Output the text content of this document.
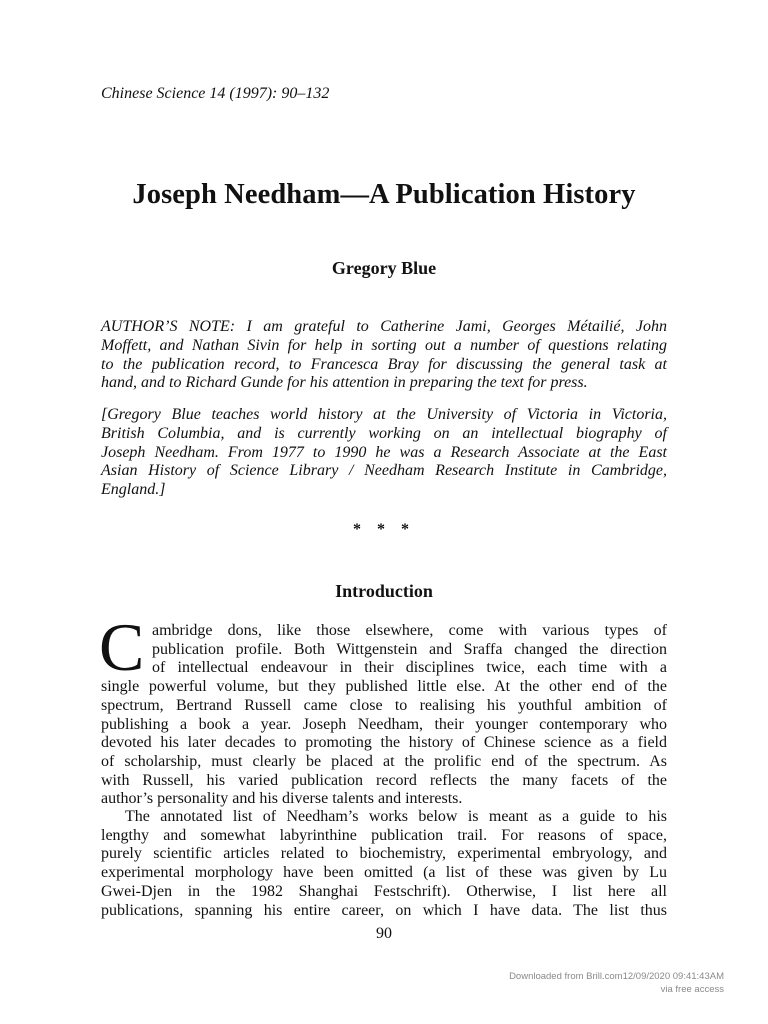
Chinese Science 14 (1997): 90–132
Joseph Needham—A Publication History
Gregory Blue
AUTHOR’S NOTE: I am grateful to Catherine Jami, Georges Métailié, John
Moffett, and Nathan Sivin for help in sorting out a number of questions relating
to the publication record, to Francesca Bray for discussing the general task at
hand, and to Richard Gunde for his attention in preparing the text for press.
[Gregory Blue teaches world history at the University of Victoria in Victoria,
British Columbia, and is currently working on an intellectual biography of
Joseph Needham. From 1977 to 1990 he was a Research Associate at the East
Asian History of Science Library / Needham Research Institute in Cambridge,
England.]
* * *
Introduction
C ambridge dons, like those elsewhere, come with various types of
publication profile. Both Wittgenstein and Sraffa changed the direction
of intellectual endeavour in their disciplines twice, each time with a
single powerful volume, but they published little else. At the other end of the
spectrum, Bertrand Russell came close to realising his youthful ambition of
publishing a book a year. Joseph Needham, their younger contemporary who
devoted his later decades to promoting the history of Chinese science as a field
of scholarship, must clearly be placed at the prolific end of the spectrum. As
with Russell, his varied publication record reflects the many facets of the
author’s personality and his diverse talents and interests.
The annotated list of Needham’s works below is meant as a guide to his
lengthy and somewhat labyrinthine publication trail. For reasons of space,
purely scientific articles related to biochemistry, experimental embryology, and
experimental morphology have been omitted (a list of these was given by Lu
Gwei-Djen in the 1982 Shanghai Festschrift). Otherwise, I list here all
publications, spanning his entire career, on which I have data. The list thus
90
Downloaded from Brill.com12/09/2020 09:41:43AM
via free access
